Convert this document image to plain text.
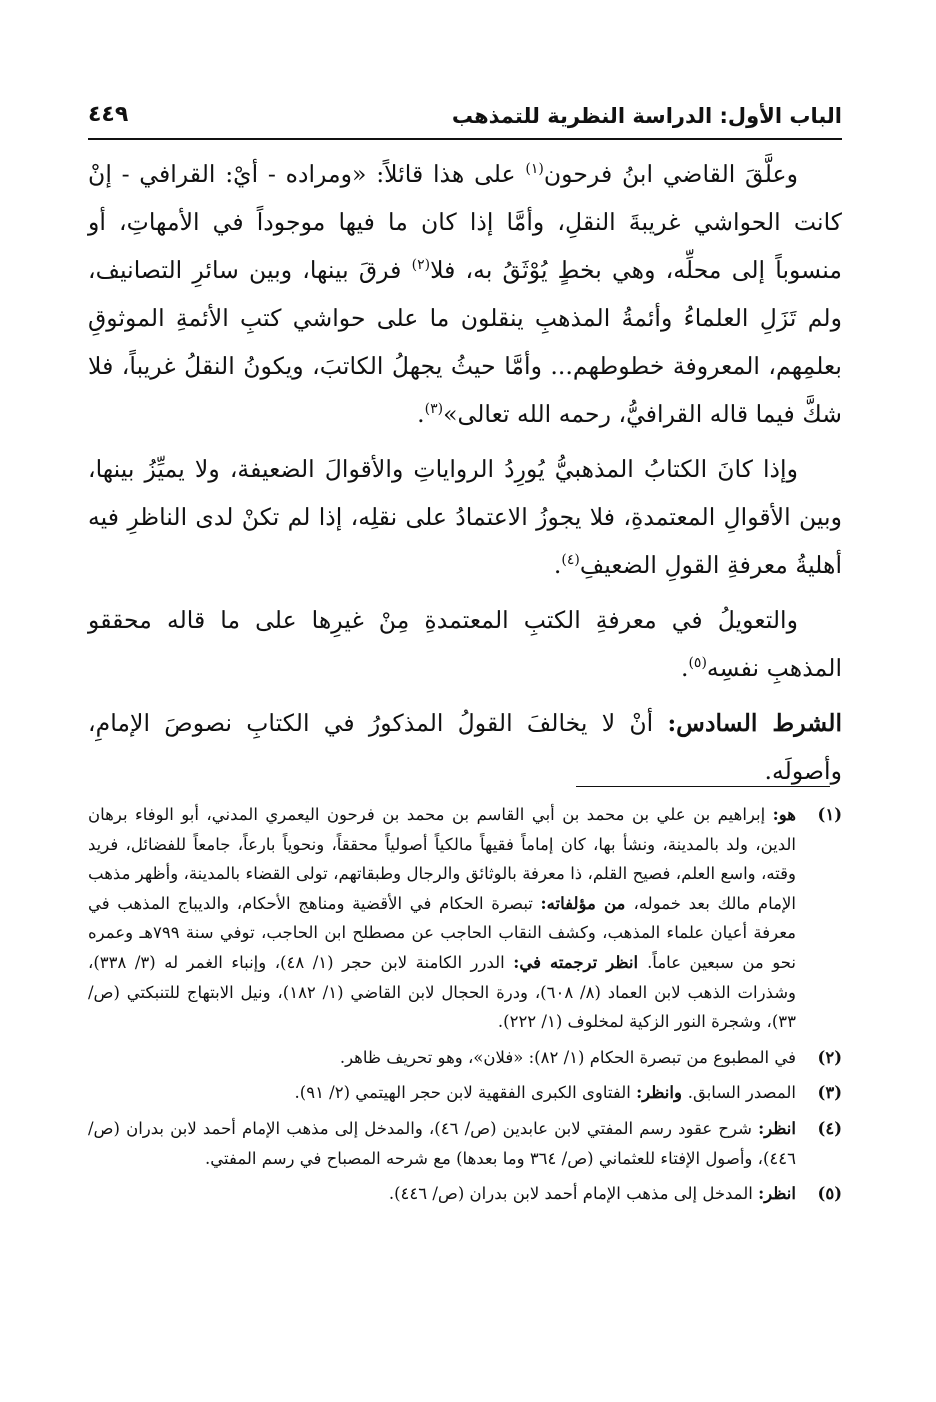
الباب الأول: الدراسة النظرية للتمذهب
٤٤٩

وعلَّقَ القاضي ابنُ فرحون$^{(١)}$ على هذا قائلاً: «ومراده - أيْ: القرافي - إنْ كانت الحواشي غريبةَ النقلِ، وأمَّا إذا كان ما فيها موجوداً في الأمهاتِ، أو منسوباً إلى محلِّه، وهي بخطٍ يُوْثَقُ به، فلا$^{(٢)}$ فرقَ بينها، وبين سائرِ التصانيف، ولم تَزَلِ العلماءُ وأئمةُ المذهبِ ينقلون ما على حواشي كتبِ الأئمةِ الموثوقِ بعلمِهم، المعروفة خطوطهم... وأمَّا حيثُ يجهلُ الكاتبَ، ويكونُ النقلُ غريباً، فلا شكَّ فيما قاله القرافيُّ، رحمه الله تعالى»$^{(٣)}$.

وإذا كانَ الكتابُ المذهبيُّ يُورِدُ الرواياتِ والأقوالَ الضعيفة، ولا يميِّزُ بينها، وبين الأقوالِ المعتمدةِ، فلا يجوزُ الاعتمادُ على نقلِه، إذا لم تكنْ لدى الناظرِ فيه أهليةُ معرفةِ القولِ الضعيفِ$^{(٤)}$.

والتعويلُ في معرفةِ الكتبِ المعتمدةِ مِنْ غيرِها على ما قاله محققو المذهبِ نفسِه$^{(٥)}$.

الشرط السادس: أنْ لا يخالفَ القولُ المذكورُ في الكتابِ نصوصَ الإمامِ، وأصولَه.

(١)
هو: إبراهيم بن علي بن محمد بن أبي القاسم بن محمد بن فرحون اليعمري المدني، أبو الوفاء برهان الدين، ولد بالمدينة، ونشأ بها، كان إماماً فقيهاً مالكياً أصولياً محققاً، ونحوياً بارعاً، جامعاً للفضائل، فريد وقته، واسع العلم، فصيح القلم، ذا معرفة بالوثائق والرجال وطبقاتهم، تولى القضاء بالمدينة، وأظهر مذهب الإمام مالك بعد خموله، من مؤلفاته: تبصرة الحكام في الأقضية ومناهج الأحكام، والديباج المذهب في معرفة أعيان علماء المذهب، وكشف النقاب الحاجب عن مصطلح ابن الحاجب، توفي سنة ٧٩٩هـ وعمره نحو من سبعين عاماً. انظر ترجمته في: الدرر الكامنة لابن حجر (١/ ٤٨)، وإنباء الغمر له (٣/ ٣٣٨)، وشذرات الذهب لابن العماد (٨/ ٦٠٨)، ودرة الحجال لابن القاضي (١/ ١٨٢)، ونيل الابتهاج للتنبكتي (ص/ ٣٣)، وشجرة النور الزكية لمخلوف (١/ ٢٢٢).
(٢)
في المطبوع من تبصرة الحكام (١/ ٨٢): «فلان»، وهو تحريف ظاهر.
(٣)
المصدر السابق. وانظر: الفتاوى الكبرى الفقهية لابن حجر الهيتمي (٢/ ٩١).
(٤)
انظر: شرح عقود رسم المفتي لابن عابدين (ص/ ٤٦)، والمدخل إلى مذهب الإمام أحمد لابن بدران (ص/ ٤٤٦)، وأصول الإفتاء للعثماني (ص/ ٣٦٤ وما بعدها) مع شرحه المصباح في رسم المفتي.
(٥)
انظر: المدخل إلى مذهب الإمام أحمد لابن بدران (ص/ ٤٤٦).
